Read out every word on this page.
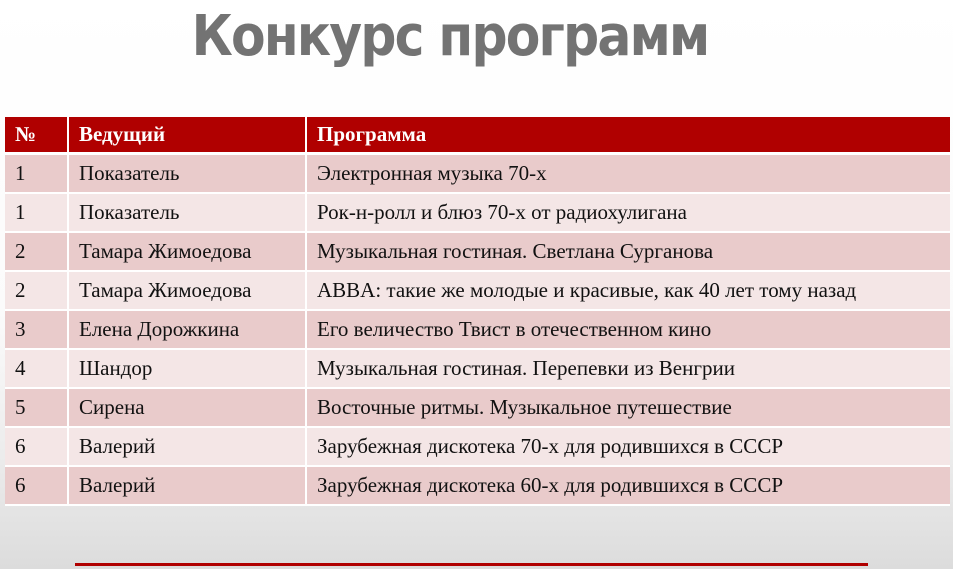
Конкурс программ
№	Ведущий	Программа
1	Показатель	Электронная музыка 70-х
1	Показатель	Рок-н-ролл и блюз 70-х от радиохулигана
2	Тамара Жимоедова	Музыкальная гостиная. Светлана Сурганова
2	Тамара Жимоедова	ABBA: такие же молодые и красивые, как 40 лет тому назад
3	Елена Дорожкина	Его величество Твист в отечественном кино
4	Шандор	Музыкальная гостиная. Перепевки из Венгрии
5	Сирена	Восточные ритмы. Музыкальное путешествие
6	Валерий	Зарубежная дискотека 70-х для родившихся в СССР
6	Валерий	Зарубежная дискотека 60-х для родившихся в СССР
